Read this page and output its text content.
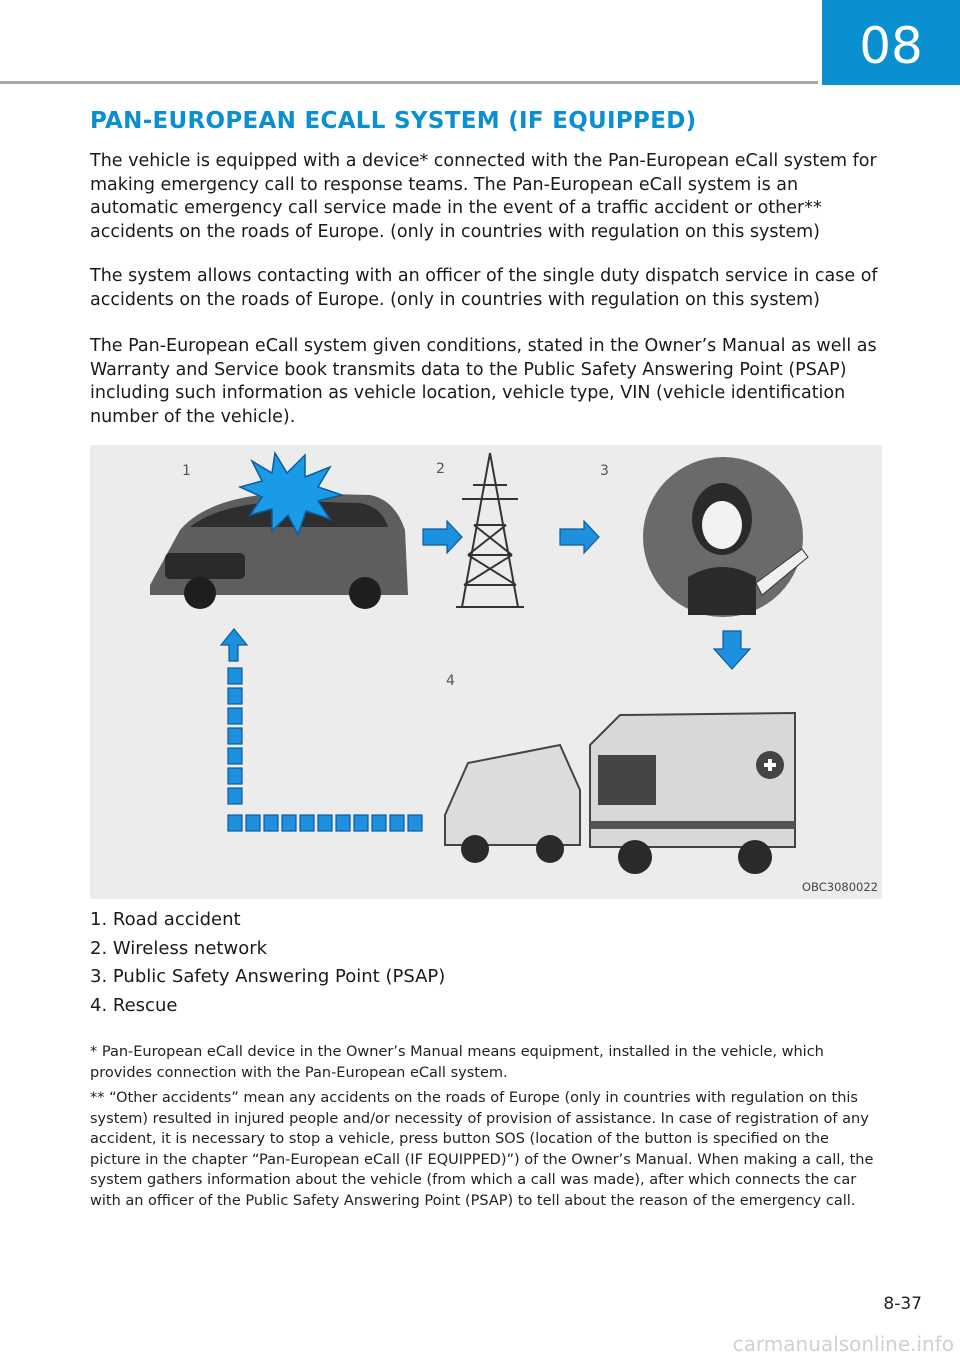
08
PAN-EUROPEAN ECALL SYSTEM (IF EQUIPPED)

The vehicle is equipped with a device* connected with the Pan-European eCall system for making emergency call to response teams. The Pan-European eCall system is an automatic emergency call service made in the event of a traffic accident or other** accidents on the roads of Europe. (only in countries with regulation on this system)

The system allows contacting with an officer of the single duty dispatch service in case of accidents on the roads of Europe. (only in countries with regulation on this system)

The Pan-European eCall system given conditions, stated in the Owner’s Manual as well as Warranty and Service book transmits data to the Public Safety Answering Point (PSAP) including such information as vehicle location, vehicle type, VIN (vehicle identification number of the vehicle).

1	2	3
4
OBC3080022
1. Road accident
2. Wireless network
3. Public Safety Answering Point (PSAP)
4. Rescue

* Pan-European eCall device in the Owner’s Manual means equipment, installed in the vehicle, which provides connection with the Pan-European eCall system.

** “Other accidents” mean any accidents on the roads of Europe (only in countries with regulation on this system) resulted in injured people and/or necessity of provision of assistance. In case of registration of any accident, it is necessary to stop a vehicle, press button SOS (location of the button is specified on the picture in the chapter “Pan-European eCall (IF EQUIPPED)”) of the Owner’s Manual. When making a call, the system gathers information about the vehicle (from which a call was made), after which connects the car with an officer of the Public Safety Answering Point (PSAP) to tell about the reason of the emergency call.

8-37
carmanualsonline.info
